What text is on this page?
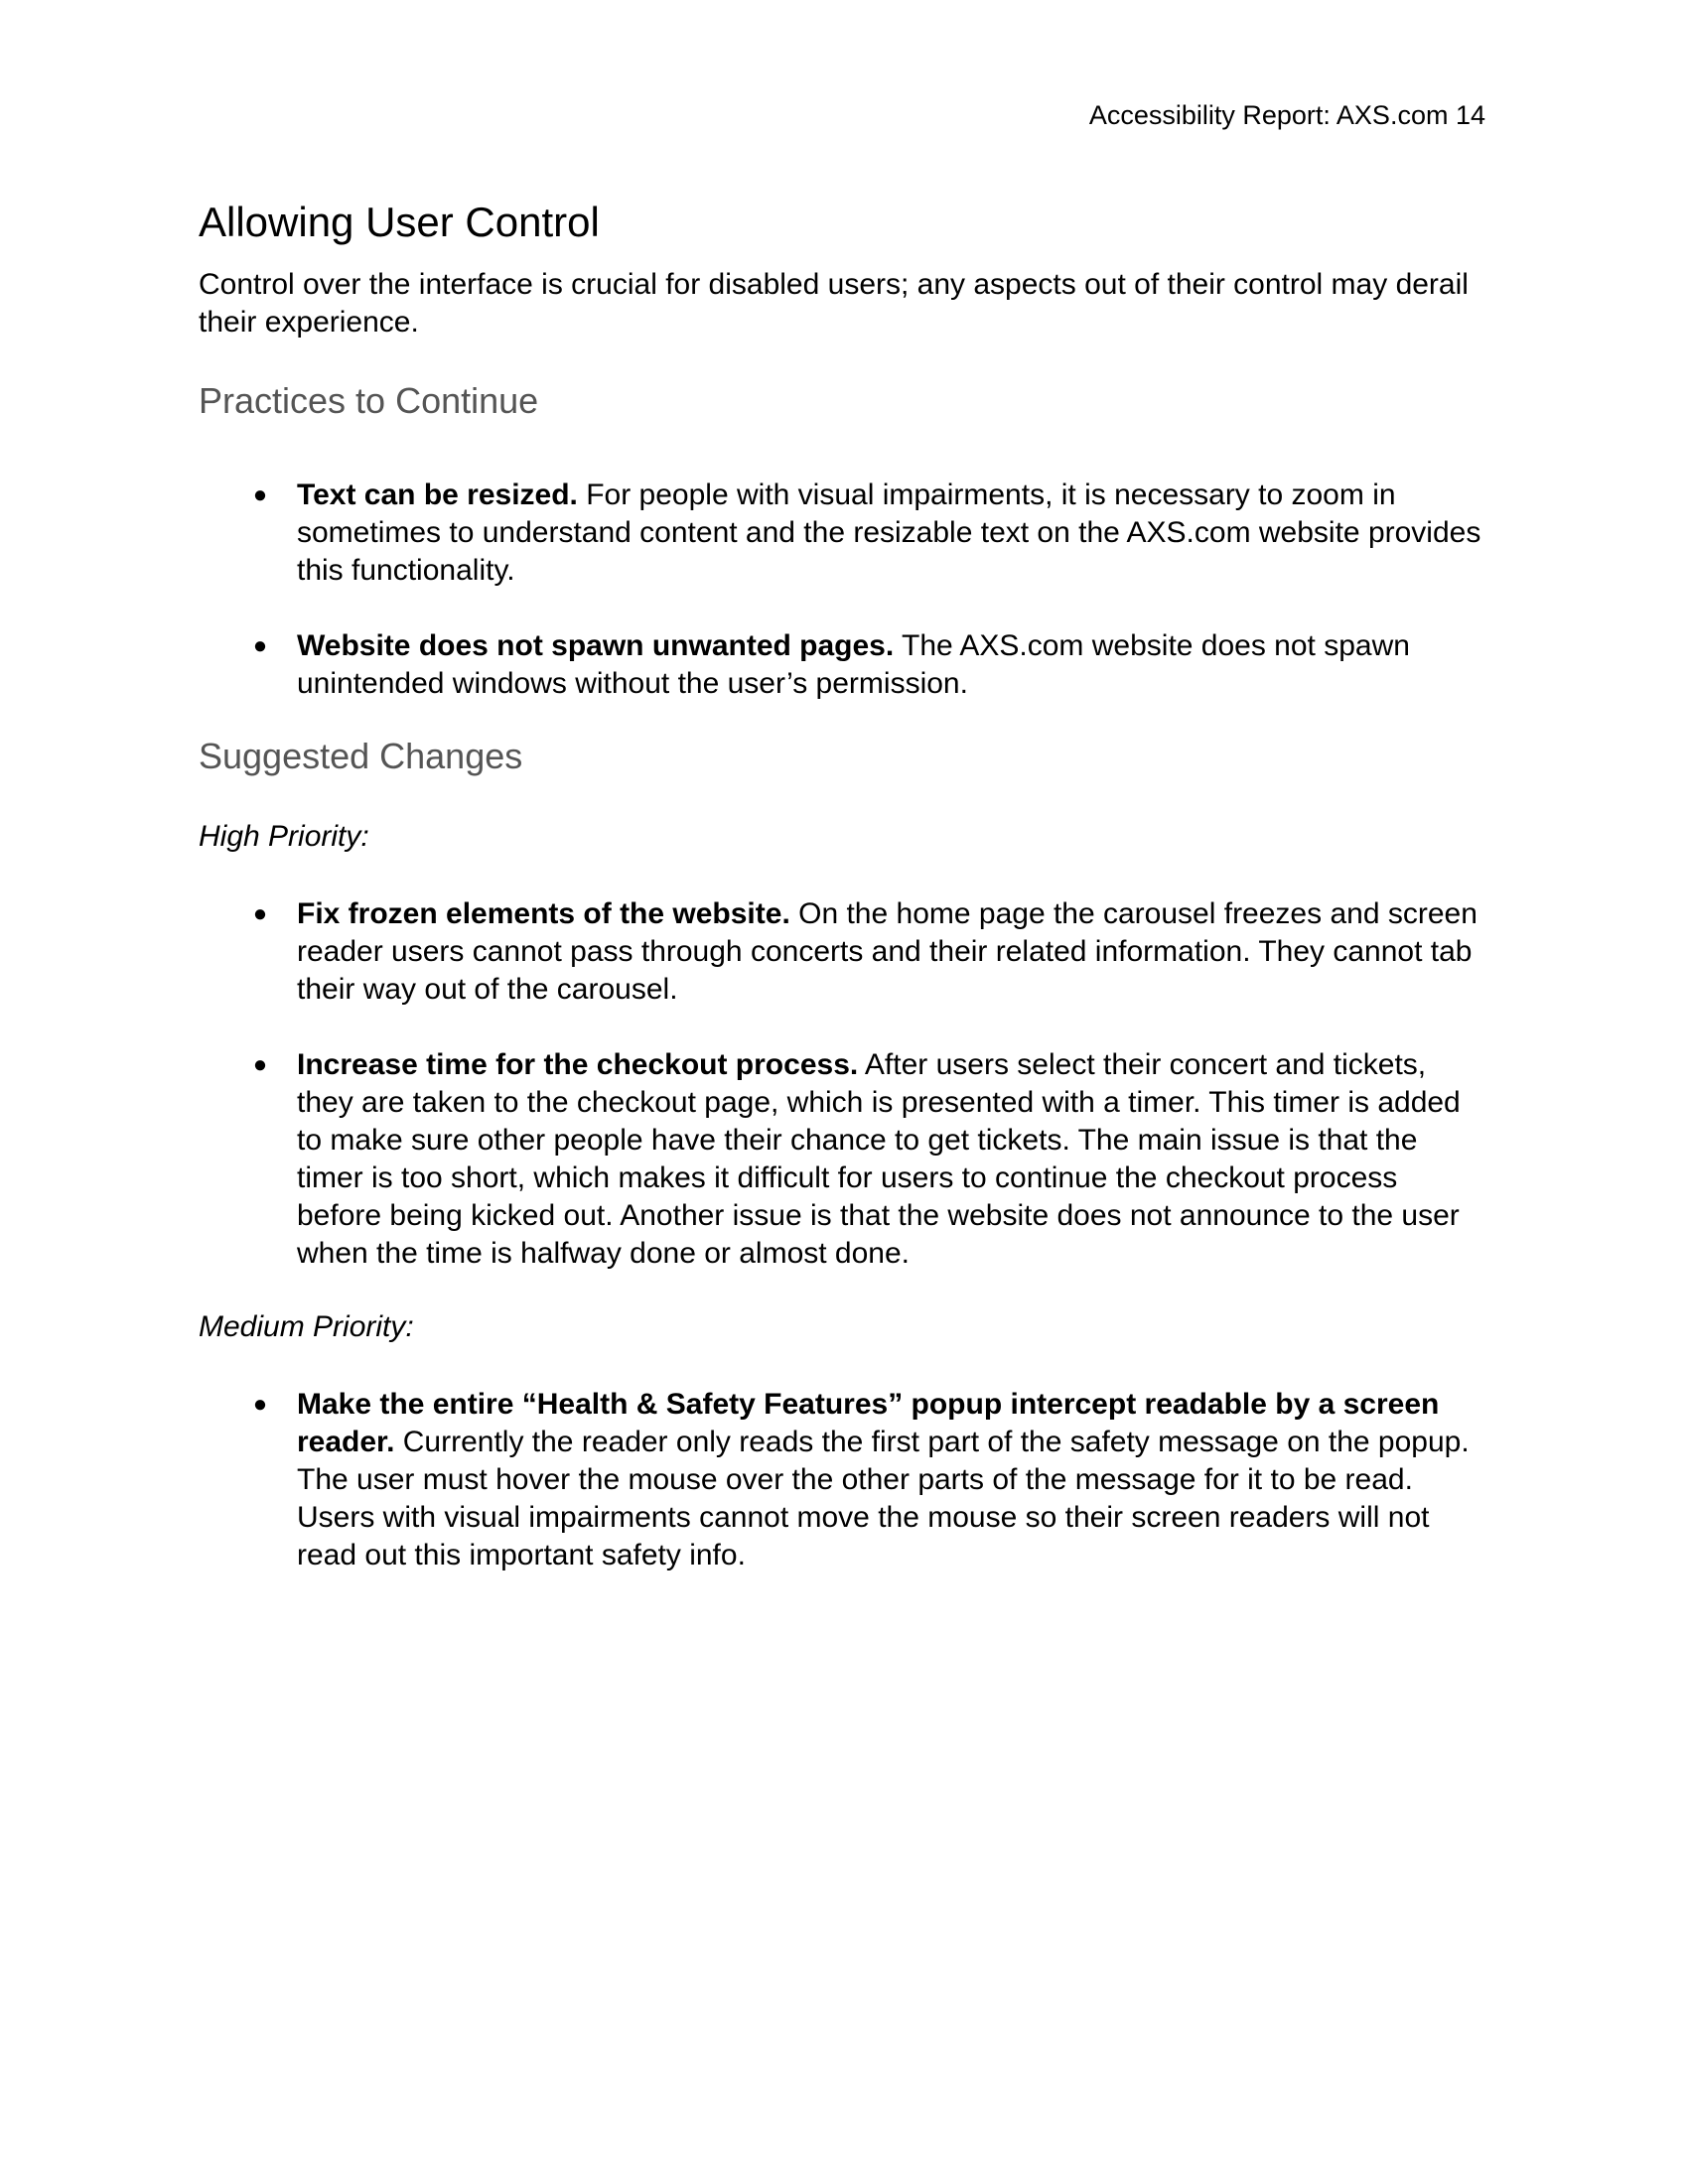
Accessibility Report: AXS.com 14
Allowing User Control

Control over the interface is crucial for disabled users; any aspects out of their control may derail their experience.

Practices to Continue
● Text can be resized. For people with visual impairments, it is necessary to zoom in sometimes to understand content and the resizable text on the AXS.com website provides this functionality.
● Website does not spawn unwanted pages. The AXS.com website does not spawn unintended windows without the user’s permission.
Suggested Changes
High Priority:
● Fix frozen elements of the website. On the home page the carousel freezes and screen reader users cannot pass through concerts and their related information. They cannot tab their way out of the carousel.
● Increase time for the checkout process. After users select their concert and tickets, they are taken to the checkout page, which is presented with a timer. This timer is added to make sure other people have their chance to get tickets. The main issue is that the timer is too short, which makes it difficult for users to continue the checkout process before being kicked out. Another issue is that the website does not announce to the user when the time is halfway done or almost done.
Medium Priority:
● Make the entire “Health & Safety Features” popup intercept readable by a screen reader. Currently the reader only reads the first part of the safety message on the popup. The user must hover the mouse over the other parts of the message for it to be read. Users with visual impairments cannot move the mouse so their screen readers will not read out this important safety info.
